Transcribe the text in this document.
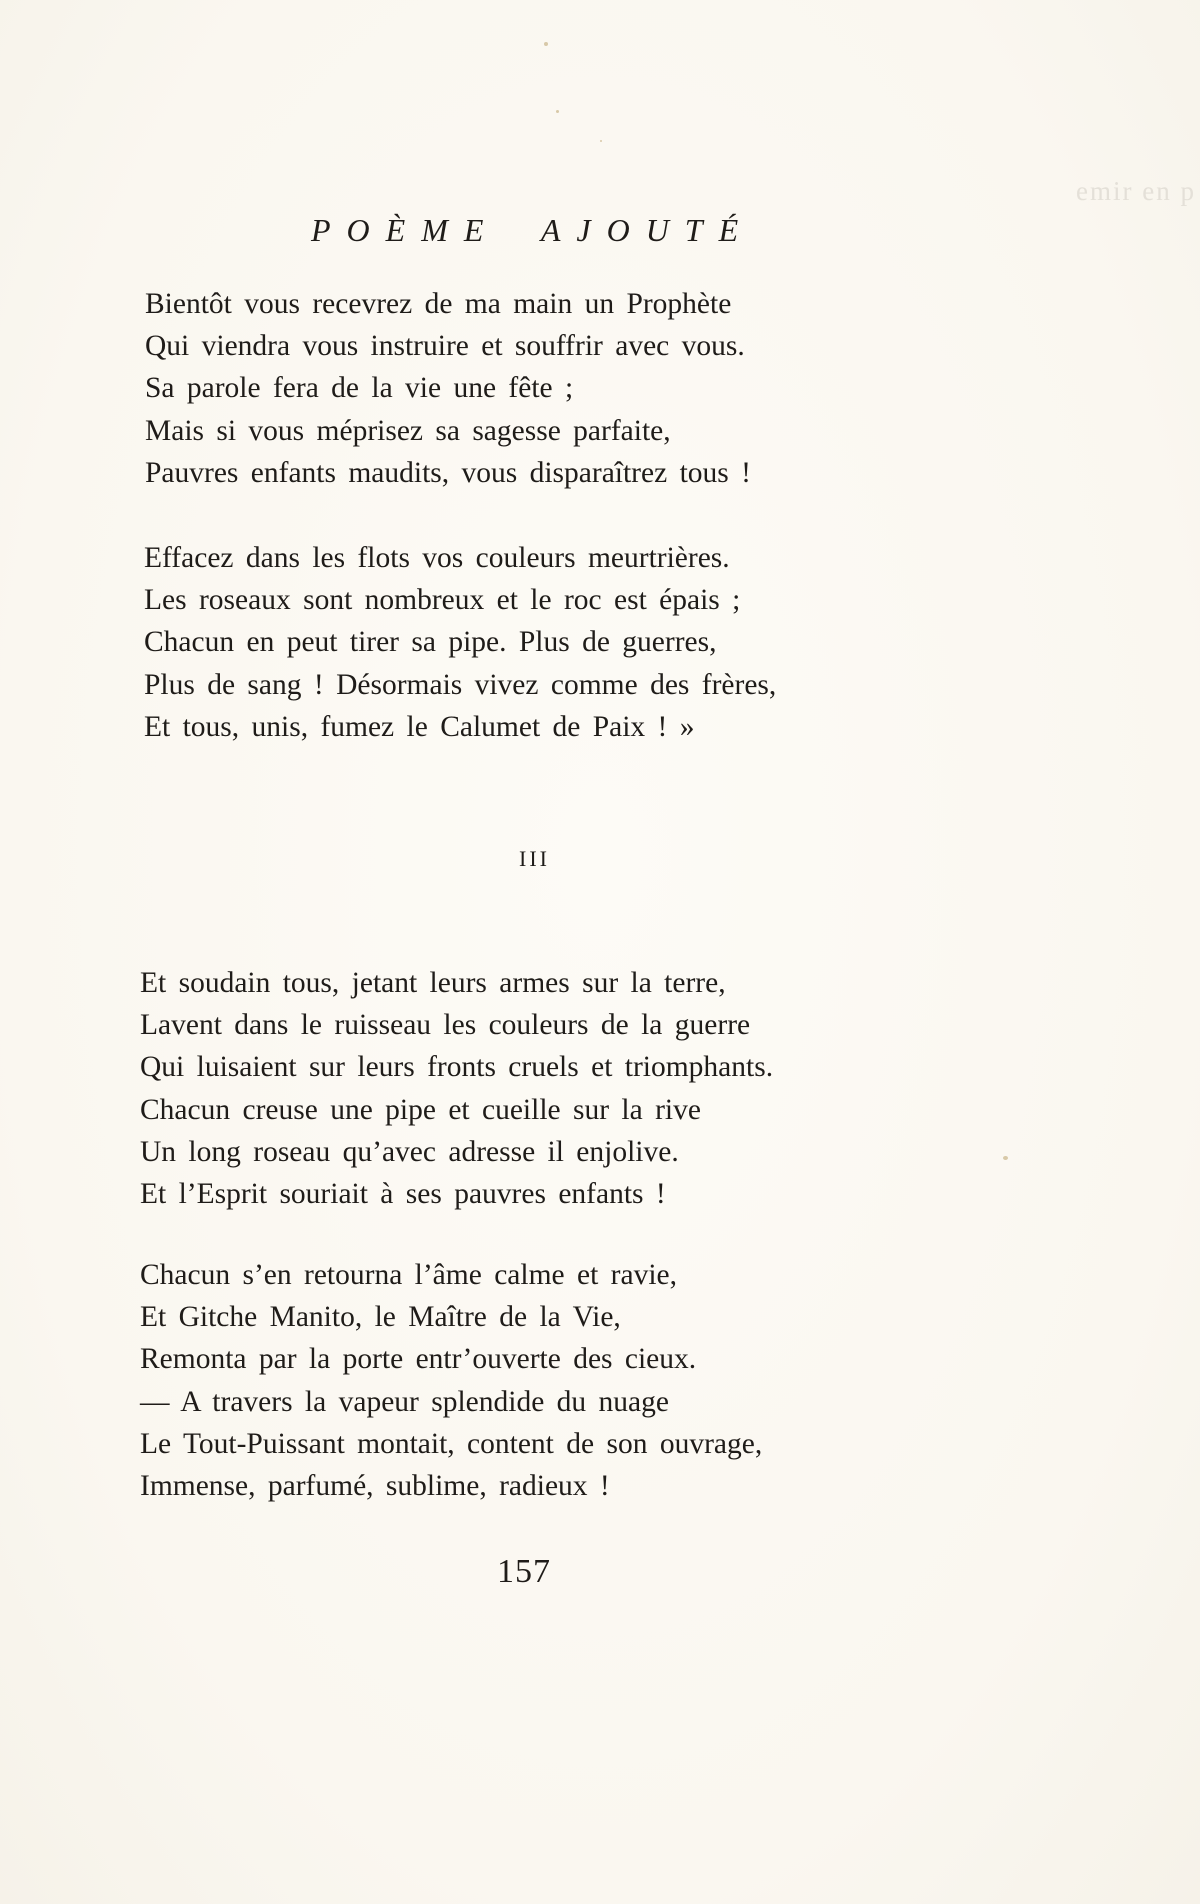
emir en p
POÈME AJOUTÉ
Bientôt vous recevrez de ma main un Prophète
Qui viendra vous instruire et souffrir avec vous.
Sa parole fera de la vie une fête ;
Mais si vous méprisez sa sagesse parfaite,
Pauvres enfants maudits, vous disparaîtrez tous !
Effacez dans les flots vos couleurs meurtrières.
Les roseaux sont nombreux et le roc est épais ;
Chacun en peut tirer sa pipe. Plus de guerres,
Plus de sang ! Désormais vivez comme des frères,
Et tous, unis, fumez le Calumet de Paix ! »
III
Et soudain tous, jetant leurs armes sur la terre,
Lavent dans le ruisseau les couleurs de la guerre
Qui luisaient sur leurs fronts cruels et triomphants.
Chacun creuse une pipe et cueille sur la rive
Un long roseau qu’avec adresse il enjolive.
Et l’Esprit souriait à ses pauvres enfants !
Chacun s’en retourna l’âme calme et ravie,
Et Gitche Manito, le Maître de la Vie,
Remonta par la porte entr’ouverte des cieux.
— A travers la vapeur splendide du nuage
Le Tout-Puissant montait, content de son ouvrage,
Immense, parfumé, sublime, radieux !
157
